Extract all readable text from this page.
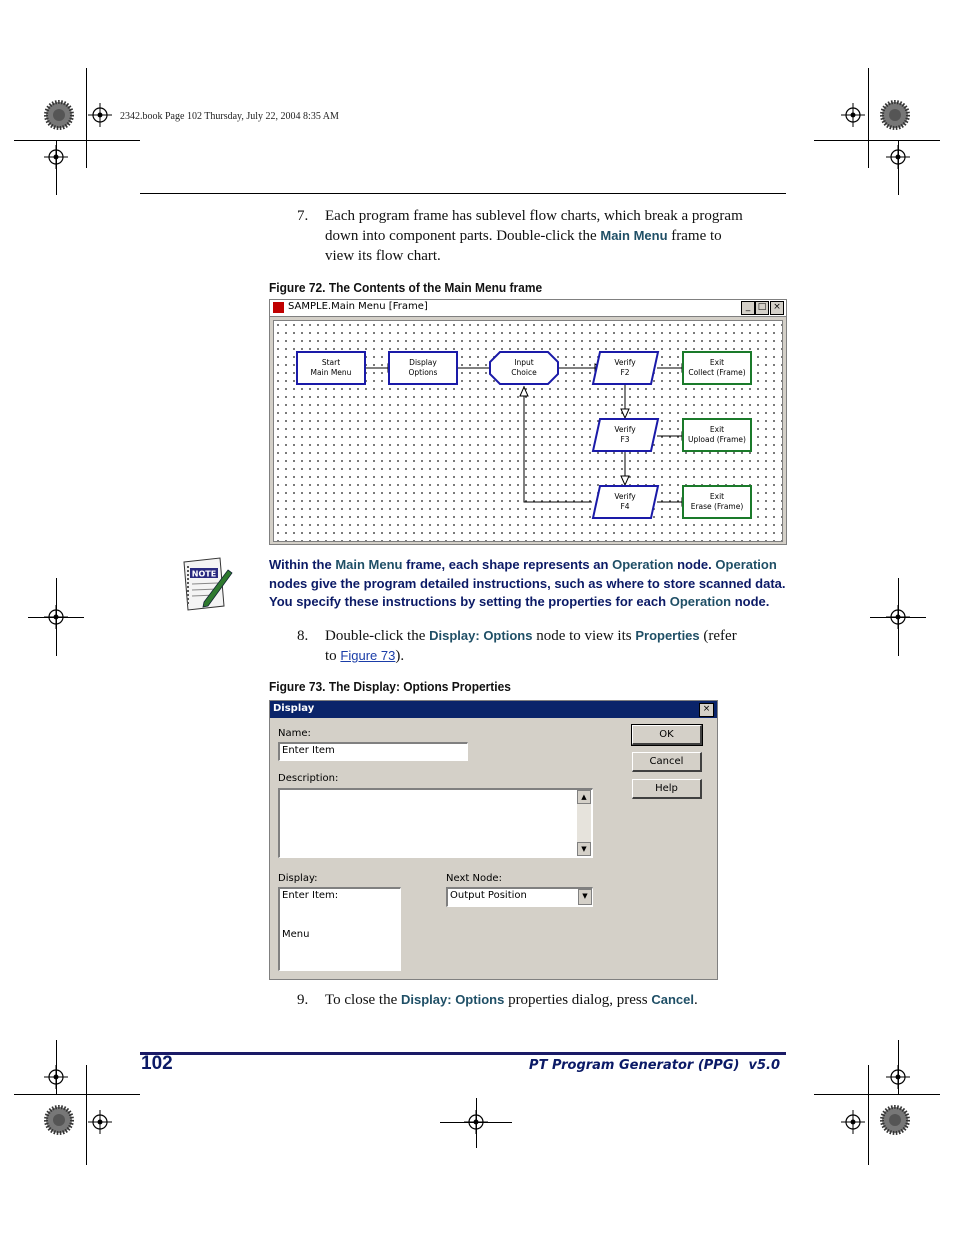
2342.book Page 102 Thursday, July 22, 2004 8:35 AM
7. Each program frame has sublevel flow charts, which break a program
down into component parts. Double-click the Main Menu frame to
view its flow chart.
Figure 72. The Contents of the Main Menu frame
SAMPLE.Main Menu [Frame]	_ □ ×
Start
Main Menu
Display
Options
Input
Choice
Verify
F2
Exit
Collect (Frame)
Verify
F3
Exit
Upload (Frame)
Verify
F4
Exit
Erase (Frame)
NOTE
Within the Main Menu frame, each shape represents an Operation node. Operation
nodes give the program detailed instructions, such as where to store scanned data.
You specify these instructions by setting the properties for each Operation node.
8. Double-click the Display: Options node to view its Properties (refer
to Figure 73).
Figure 73. The Display: Options Properties
Display	×
Name:
Enter Item
Description:
▲
▼
Display:
Enter Item:
Menu
Next Node:
Output Position	▼
OK
Cancel
Help
9. To close the Display: Options properties dialog, press Cancel.
102	PT Program Generator (PPG)  v5.0
